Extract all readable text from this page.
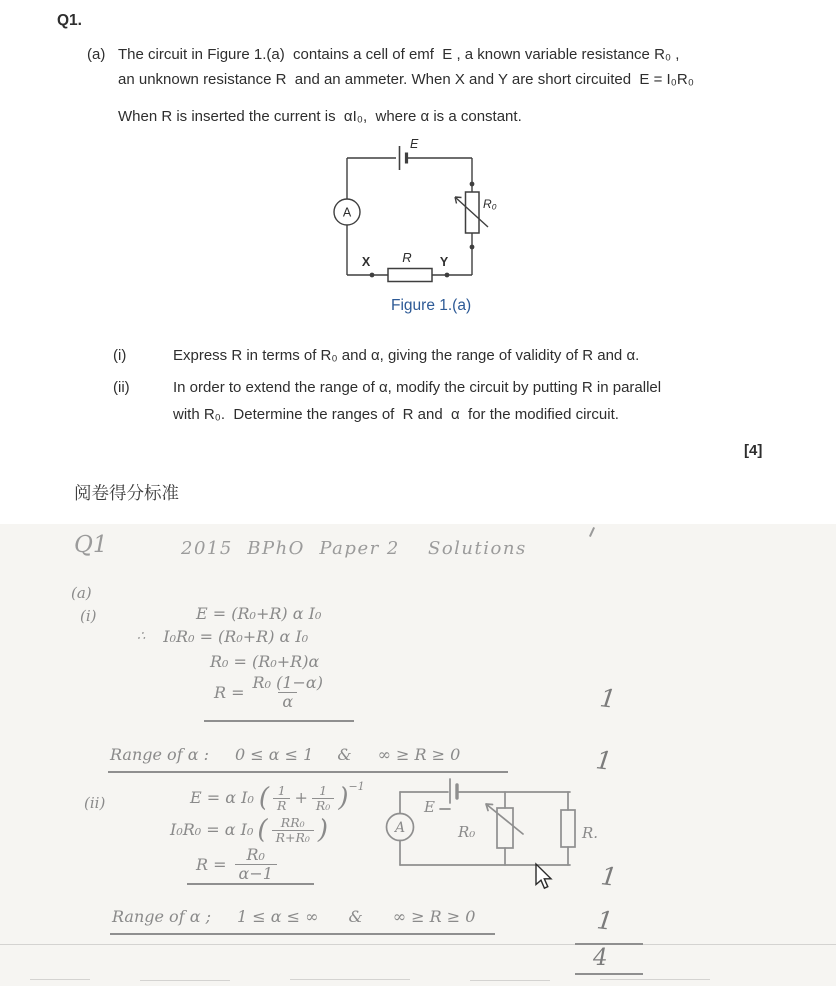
Q1.
(a) The circuit in Figure 1.(a)  contains a cell of emf  E , a known variable resistance R₀ ,
an unknown resistance R  and an ammeter. When X and Y are short circuited  E = I₀R₀
When R is inserted the current is  αI₀,  where α is a constant.
E
A
R₀
X R Y
Figure 1.(a)
(i)	Express R in terms of R₀ and α, giving the range of validity of R and α.
(ii)	In order to extend the range of α, modify the circuit by putting R in parallel
with R₀.  Determine the ranges of  R and  α  for the modified circuit.
[4]
阅卷得分标准
Q1	2015  BPhO  Paper 2 Solutions
(a)
(i)	E = (R₀+R) α I₀
∴ I₀R₀ = (R₀+R) α I₀
R₀ = (R₀+R)α
$R = \frac{\text{R₀ (1−α)}}{\alpha}$	1
Range of α : 0 ≤ α ≤ 1 & ∞ ≥ R ≥ 0	1
(ii)	E = α I₀ ( $\frac{1}{R} + \frac{1}{\text{R₀}}$ ) −1
I₀R₀ = α I₀ ( $\frac{\text{RR₀}}{\text{R+R₀}}$ )
$R = \frac{\text{R₀}}{\alpha-1}$
E
A	R₀	R.
1
Range of α ; 1 ≤ α ≤ ∞ & ∞ ≥ R ≥ 0	1
4
